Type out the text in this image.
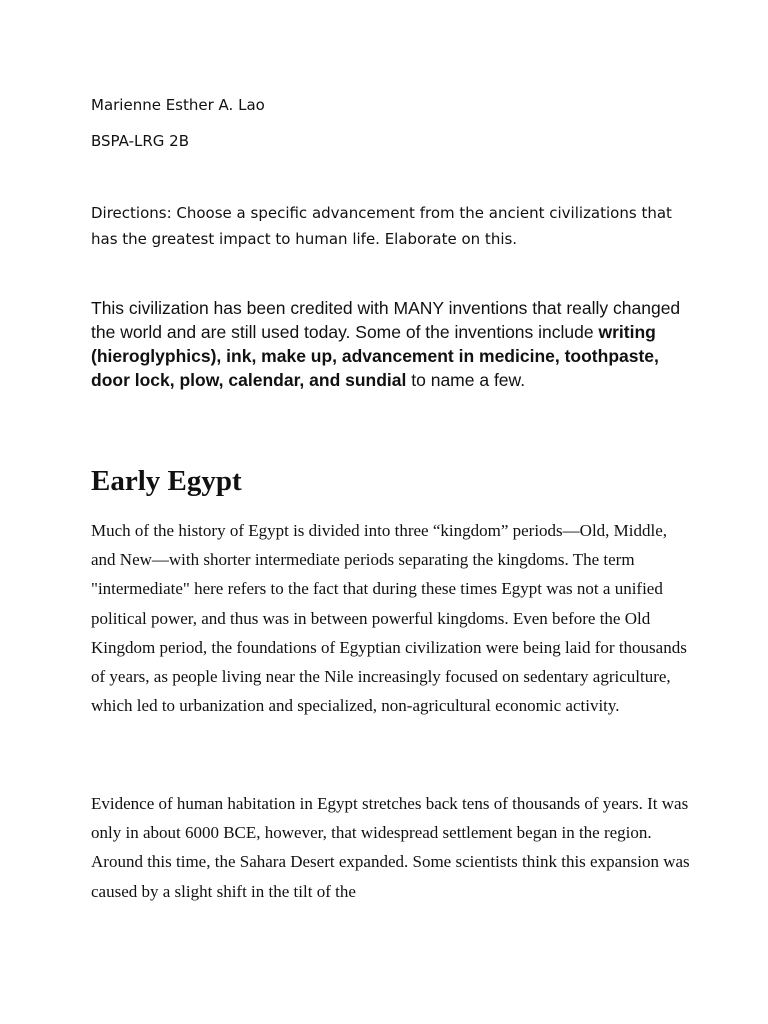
Marienne Esther A. Lao

BSPA-LRG 2B

Directions: Choose a specific advancement from the ancient civilizations that has the greatest impact to human life. Elaborate on this.

This civilization has been credited with MANY inventions that really changed the world and are still used today. Some of the inventions include writing (hieroglyphics), ink, make up, advancement in medicine, toothpaste, door lock, plow, calendar, and sundial to name a few.

Early Egypt

Much of the history of Egypt is divided into three “kingdom” periods—Old, Middle, and New—with shorter intermediate periods separating the kingdoms. The term "intermediate" here refers to the fact that during these times Egypt was not a unified political power, and thus was in between powerful kingdoms. Even before the Old Kingdom period, the foundations of Egyptian civilization were being laid for thousands of years, as people living near the Nile increasingly focused on sedentary agriculture, which led to urbanization and specialized, non-agricultural economic activity.

Evidence of human habitation in Egypt stretches back tens of thousands of years. It was only in about 6000 BCE, however, that widespread settlement began in the region. Around this time, the Sahara Desert expanded. Some scientists think this expansion was caused by a slight shift in the tilt of the
